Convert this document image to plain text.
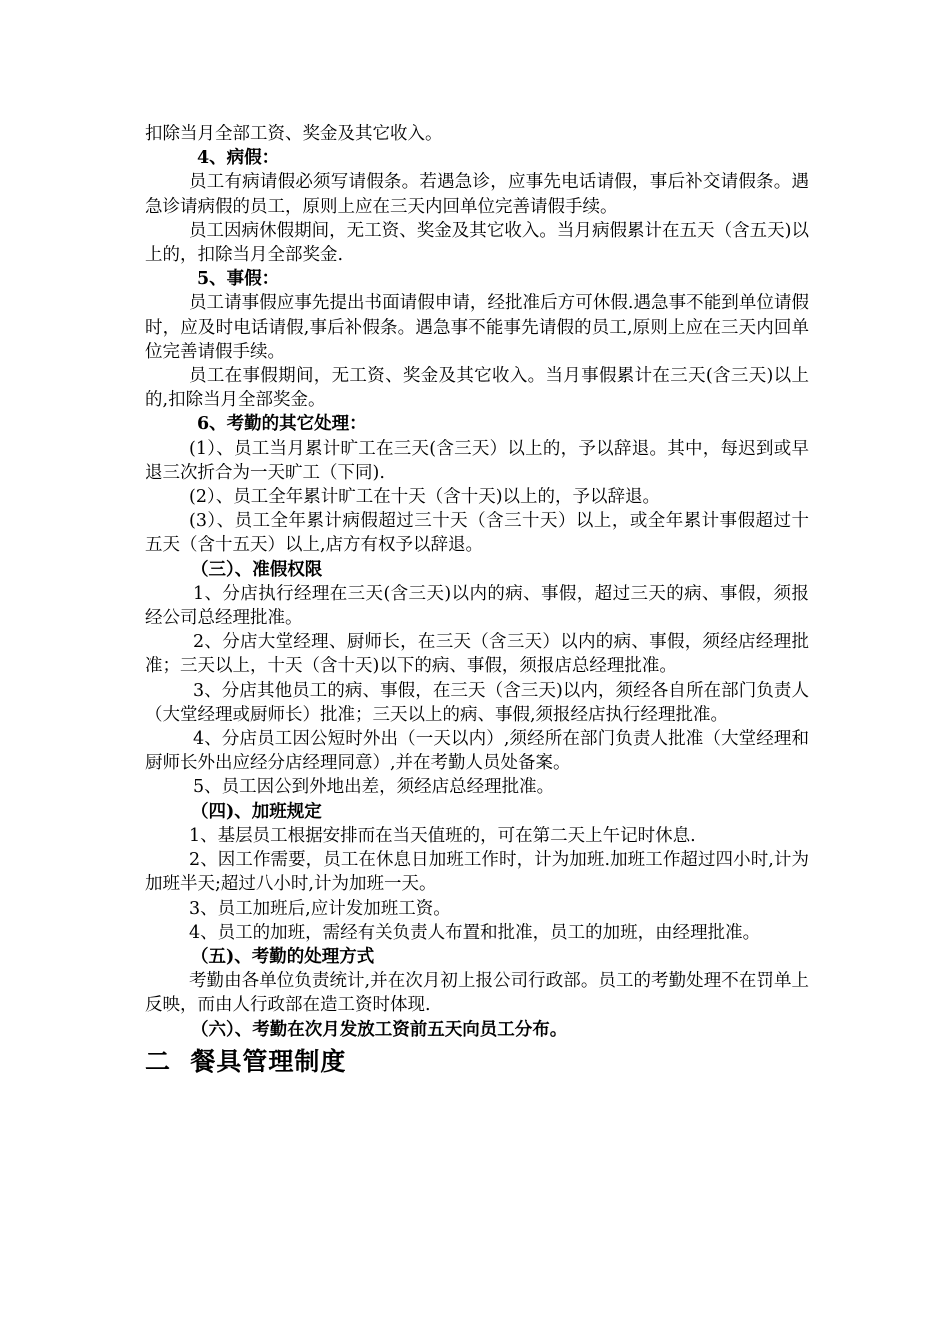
扣除当月全部工资、奖金及其它收入。

4、病假：

员工有病请假必须写请假条。若遇急诊，应事先电话请假，事后补交请假条。遇急诊请病假的员工，原则上应在三天内回单位完善请假手续。

员工因病休假期间，无工资、奖金及其它收入。当月病假累计在五天（含五天)以上的，扣除当月全部奖金.

5、事假：

员工请事假应事先提出书面请假申请，经批准后方可休假.遇急事不能到单位请假时，应及时电话请假,事后补假条。遇急事不能事先请假的员工,原则上应在三天内回单位完善请假手续。

员工在事假期间，无工资、奖金及其它收入。当月事假累计在三天(含三天)以上的,扣除当月全部奖金。

6、考勤的其它处理：

(1）、员工当月累计旷工在三天(含三天）以上的，予以辞退。其中，每迟到或早退三次折合为一天旷工（下同).

(2）、员工全年累计旷工在十天（含十天)以上的，予以辞退。

(3）、员工全年累计病假超过三十天（含三十天）以上，或全年累计事假超过十五天（含十五天）以上,店方有权予以辞退。

（三）、准假权限

1、分店执行经理在三天(含三天)以内的病、事假，超过三天的病、事假，须报经公司总经理批准。

2、分店大堂经理、厨师长，在三天（含三天）以内的病、事假，须经店经理批准；三天以上，十天（含十天)以下的病、事假，须报店总经理批准。

3、分店其他员工的病、事假，在三天（含三天)以内，须经各自所在部门负责人（大堂经理或厨师长）批准；三天以上的病、事假,须报经店执行经理批准。

4、分店员工因公短时外出（一天以内）,须经所在部门负责人批准（大堂经理和厨师长外出应经分店经理同意）,并在考勤人员处备案。

5、员工因公到外地出差，须经店总经理批准。

（四)、加班规定

1、基层员工根据安排而在当天值班的，可在第二天上午记时休息.

2、因工作需要，员工在休息日加班工作时，计为加班.加班工作超过四小时,计为加班半天;超过八小时,计为加班一天。

3、员工加班后,应计发加班工资。

4、员工的加班，需经有关负责人布置和批准，员工的加班，由经理批准。

（五)、考勤的处理方式

考勤由各单位负责统计,并在次月初上报公司行政部。员工的考勤处理不在罚单上反映，而由人行政部在造工资时体现.

（六）、考勤在次月发放工资前五天向员工分布。

二  餐具管理制度
